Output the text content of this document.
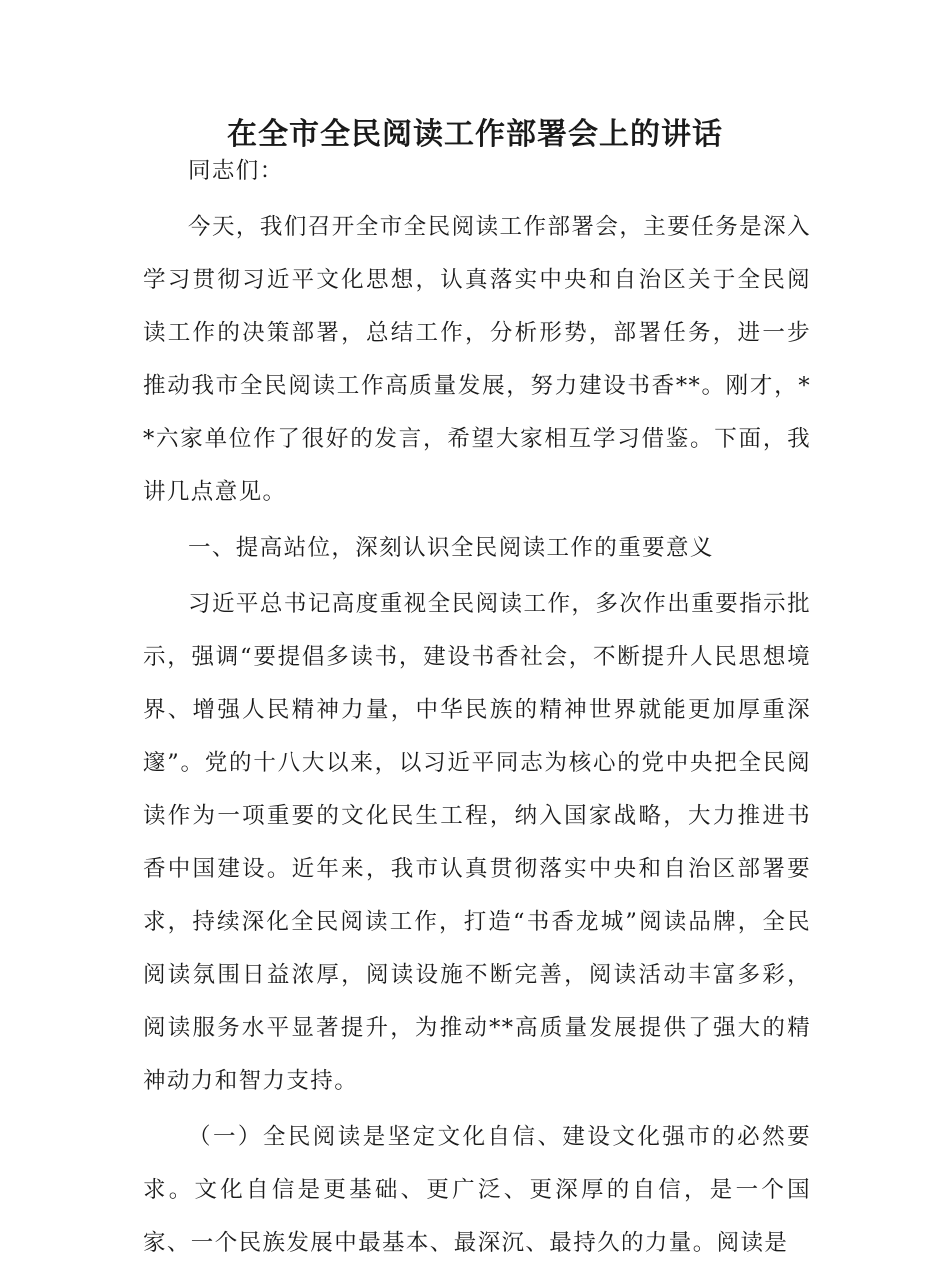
在全市全民阅读工作部署会上的讲话

同志们：

今天，我们召开全市全民阅读工作部署会，主要任务是深入学习贯彻习近平文化思想，认真落实中央和自治区关于全民阅读工作的决策部署，总结工作，分析形势，部署任务，进一步推动我市全民阅读工作高质量发展，努力建设书香**。刚才，**六家单位作了很好的发言，希望大家相互学习借鉴。下面，我讲几点意见。

一、提高站位，深刻认识全民阅读工作的重要意义

习近平总书记高度重视全民阅读工作，多次作出重要指示批示，强调“要提倡多读书，建设书香社会，不断提升人民思想境界、增强人民精神力量，中华民族的精神世界就能更加厚重深邃”。党的十八大以来，以习近平同志为核心的党中央把全民阅读作为一项重要的文化民生工程，纳入国家战略，大力推进书香中国建设。近年来，我市认真贯彻落实中央和自治区部署要求，持续深化全民阅读工作，打造“书香龙城”阅读品牌，全民阅读氛围日益浓厚，阅读设施不断完善，阅读活动丰富多彩，阅读服务水平显著提升，为推动**高质量发展提供了强大的精神动力和智力支持。

（一）全民阅读是坚定文化自信、建设文化强市的必然要求。文化自信是更基础、更广泛、更深厚的自信，是一个国家、一个民族发展中最基本、最深沉、最持久的力量。阅读是
